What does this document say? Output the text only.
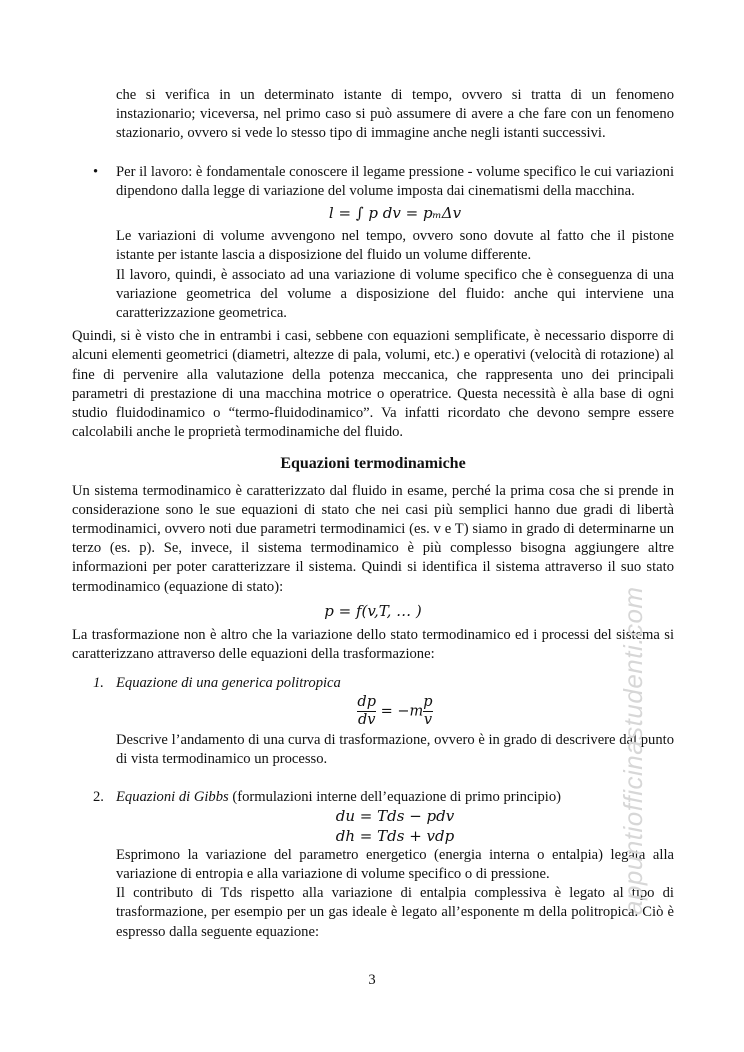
che si verifica in un determinato istante di tempo, ovvero si tratta di un fenomeno instazionario; viceversa, nel primo caso si può assumere di avere a che fare con un fenomeno stazionario, ovvero si vede lo stesso tipo di immagine anche negli istanti successivi.

• Per il lavoro: è fondamentale conoscere il legame pressione - volume specifico le cui variazioni dipendono dalla legge di variazione del volume imposta dai cinematismi della macchina.

l = ∫ p dv = pₘΔv

Le variazioni di volume avvengono nel tempo, ovvero sono dovute al fatto che il pistone istante per istante lascia a disposizione del fluido un volume differente.

Il lavoro, quindi, è associato ad una variazione di volume specifico che è conseguenza di una variazione geometrica del volume a disposizione del fluido: anche qui interviene una caratterizzazione geometrica.

Quindi, si è visto che in entrambi i casi, sebbene con equazioni semplificate, è necessario disporre di alcuni elementi geometrici (diametri, altezze di pala, volumi, etc.) e operativi (velocità di rotazione) al fine di pervenire alla valutazione della potenza meccanica, che rappresenta uno dei principali parametri di prestazione di una macchina motrice o operatrice. Questa necessità è alla base di ogni studio fluidodinamico o “termo-fluidodinamico”. Va infatti ricordato che devono sempre essere calcolabili anche le proprietà termodinamiche del fluido.

Equazioni termodinamiche

Un sistema termodinamico è caratterizzato dal fluido in esame, perché la prima cosa che si prende in considerazione sono le sue equazioni di stato che nei casi più semplici hanno due gradi di libertà termodinamici, ovvero noti due parametri termodinamici (es. v e T) siamo in grado di determinarne un terzo (es. p). Se, invece, il sistema termodinamico è più complesso bisogna aggiungere altre informazioni per poter caratterizzare il sistema. Quindi si identifica il sistema attraverso il suo stato termodinamico (equazione di stato):

p = f(v,T, … )

La trasformazione non è altro che la variazione dello stato termodinamico ed i processi del sistema si caratterizzano attraverso delle equazioni della trasformazione:

1. Equazione di una generica politropica

$\frac{dp}{dv} = -m \frac{p}{v}$

Descrive l’andamento di una curva di trasformazione, ovvero è in grado di descrivere dal punto di vista termodinamico un processo.

2. Equazioni di Gibbs (formulazioni interne dell’equazione di primo principio)

du = Tds − pdv
dh = Tds + vdp

Esprimono la variazione del parametro energetico (energia interna o entalpia) legata alla variazione di entropia e alla variazione di volume specifico o di pressione.

Il contributo di Tds rispetto alla variazione di entalpia complessiva è legato al tipo di trasformazione, per esempio per un gas ideale è legato all’esponente m della politropica. Ciò è espresso dalla seguente equazione:

3
appuntiofficinastudenti.com
